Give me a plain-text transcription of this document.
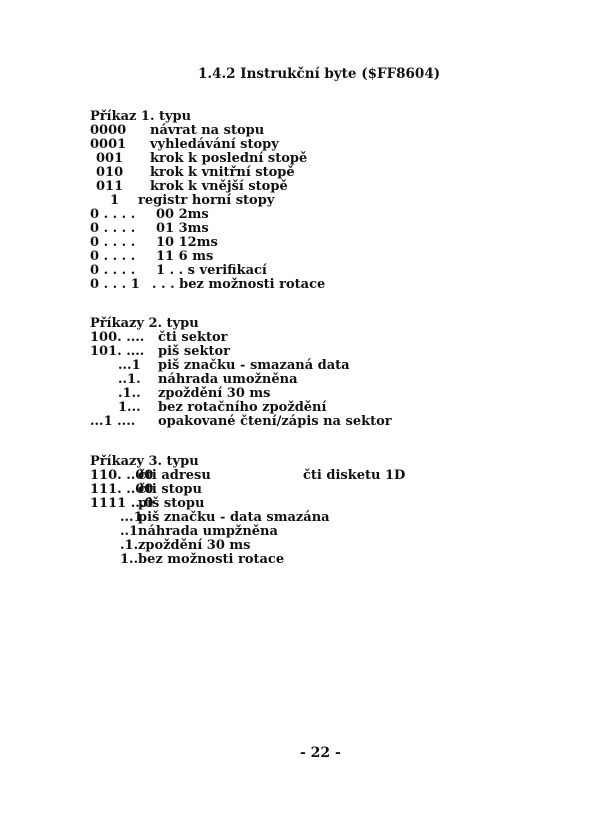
1.4.2 Instrukční byte ($FF8604)
Příkaz 1. typu
0000 návrat na stopu
0001 vyhledávání stopy
001 krok k poslední stopě
010 krok k vnitřní stopě
011 krok k vnější stopě
1 registr horní stopy
0 . . . . 00 2ms
0 . . . . 01 3ms
0 . . . . 10 12ms
0 . . . . 11 6 ms
0 . . . . 1 . . s verifikací
0 . . . 1 . . . bez možnosti rotace
Příkazy 2. typu
100. .... čti sektor
101. .... piš sektor
...1 piš značku - smazaná data
..1. náhrada umožněna
.1.. zpoždění 30 ms
1... bez rotačního zpoždění
...1 .... opakované čtení/zápis na sektor
Příkazy 3. typu
110. ..00
čti adresu	čti disketu 1D
111. ..00
čti stopu
1111 ...0
piš stopu
...1
piš značku - data smazána
..1.
náhrada umpžněna
.1..
zpoždění 30 ms
1...
bez možnosti rotace
- 22 -
